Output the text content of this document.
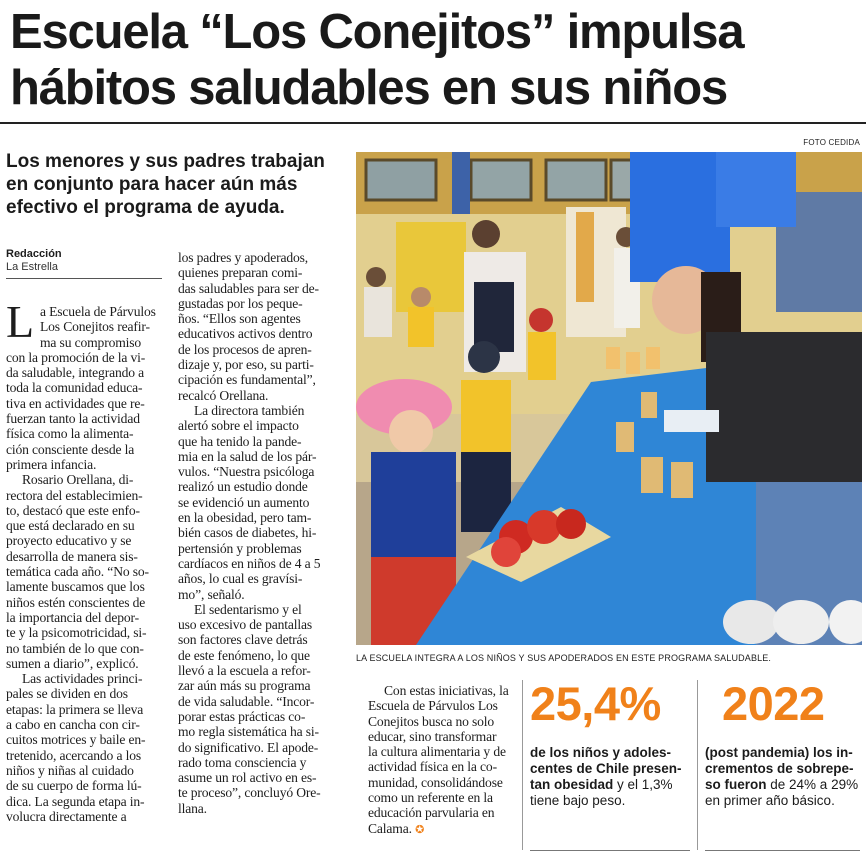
Escuela “Los Conejitos” impulsa
hábitos saludables en sus niños
Los menores y sus padres trabajan
en conjunto para hacer aún más
efectivo el programa de ayuda.
Redacción
La Estrella
L a Escuela de Párvulos
Los Conejitos reafir-
ma su compromiso
con la promoción de la vi-
da saludable, integrando a
toda la comunidad educa-
tiva en actividades que re-
fuerzan tanto la actividad
física como la alimenta-
ción consciente desde la
primera infancia.
Rosario Orellana, di-
rectora del establecimien-
to, destacó que este enfo-
que está declarado en su
proyecto educativo y se
desarrolla de manera sis-
temática cada año. “No so-
lamente buscamos que los
niños estén conscientes de
la importancia del depor-
te y la psicomotricidad, si-
no también de lo que con-
sumen a diario”, explicó.
Las actividades princi-
pales se dividen en dos
etapas: la primera se lleva
a cabo en cancha con cir-
cuitos motrices y baile en-
tretenido, acercando a los
niños y niñas al cuidado
de su cuerpo de forma lú-
dica. La segunda etapa in-
volucra directamente a
los padres y apoderados,
quienes preparan comi-
das saludables para ser de-
gustadas por los peque-
ños. “Ellos son agentes
educativos activos dentro
de los procesos de apren-
dizaje y, por eso, su parti-
cipación es fundamental”,
recalcó Orellana.
La directora también
alertó sobre el impacto
que ha tenido la pande-
mia en la salud de los pár-
vulos. “Nuestra psicóloga
realizó un estudio donde
se evidenció un aumento
en la obesidad, pero tam-
bién casos de diabetes, hi-
pertensión y problemas
cardíacos en niños de 4 a 5
años, lo cual es gravísi-
mo”, señaló.
El sedentarismo y el
uso excesivo de pantallas
son factores clave detrás
de este fenómeno, lo que
llevó a la escuela a refor-
zar aún más su programa
de vida saludable. “Incor-
porar estas prácticas co-
mo regla sistemática ha si-
do significativo. El apode-
rado toma consciencia y
asume un rol activo en es-
te proceso”, concluyó Ore-
llana.
Con estas iniciativas, la
Escuela de Párvulos Los
Conejitos busca no solo
educar, sino transformar
la cultura alimentaria y de
actividad física en la co-
munidad, consolidándose
como un referente en la
educación parvularia en
Calama. ✪
FOTO CEDIDA
LA ESCUELA INTEGRA A LOS NIÑOS Y SUS APODERADOS EN ESTE PROGRAMA SALUDABLE.
25,4%
de los niños y adoles-
centes de Chile presen-
tan obesidad y el 1,3%
tiene bajo peso.
2022
(post pandemia) los in-
crementos de sobrepe-
so fueron de 24% a 29%
en primer año básico.
